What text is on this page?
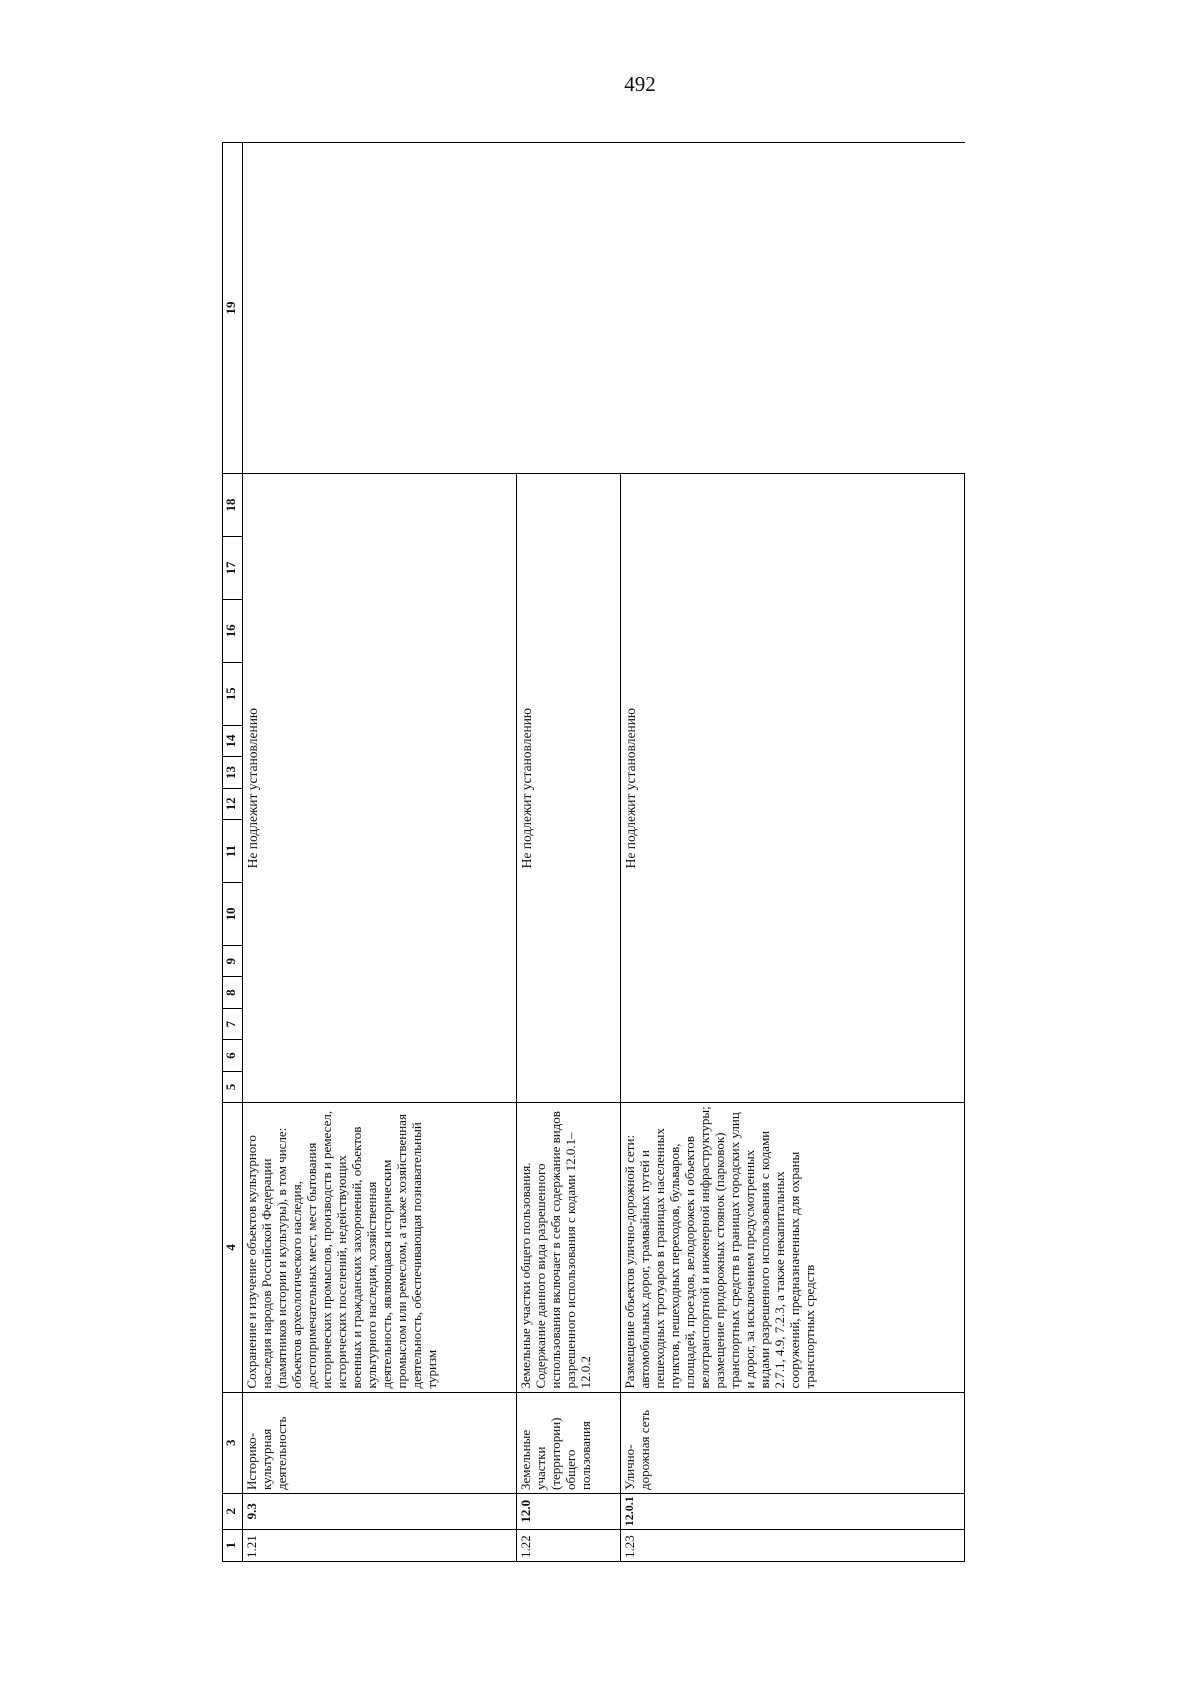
492
1	2	3	4	5	6	7	8	9	10	11	12	13	14	15	16	17	18	19
1.21	9.3	Историко-культурная деятельность	Сохранение и изучение объектов культурного наследия народов Российской Федерации (памятников истории и культуры), в том числе: объектов археологического наследия, достопримечательных мест, мест бытования исторических промыслов, производств и ремесел, исторических поселений, недействующих военных и гражданских захоронений, объектов культурного наследия, хозяйственная деятельность, являющаяся историческим промыслом или ремеслом, а также хозяйственная деятельность, обеспечивающая познавательный туризм	Не подлежит установлению														
1.22	12.0	Земельные участки (территории) общего пользования	Земельные участки общего пользования. Содержание данного вида разрешенного использования включает в себя содержание видов разрешенного использования с кодами 12.0.1–12.0.2	Не подлежит установлению														
1.23	12.0.1	Улично-дорожная сеть	Размещение объектов улично-дорожной сети: автомобильных дорог, трамвайных путей и пешеходных тротуаров в границах населенных пунктов, пешеходных переходов, бульваров, площадей, проездов, велодорожек и объектов велотранспортной и инженерной инфраструктуры; размещение придорожных стоянок (парковок) транспортных средств в границах городских улиц и дорог, за исключением предусмотренных видами разрешенного использования с кодами 2.7.1, 4.9, 7.2.3, а также некапитальных сооружений, предназначенных для охраны транспортных средств	Не подлежит установлению														
